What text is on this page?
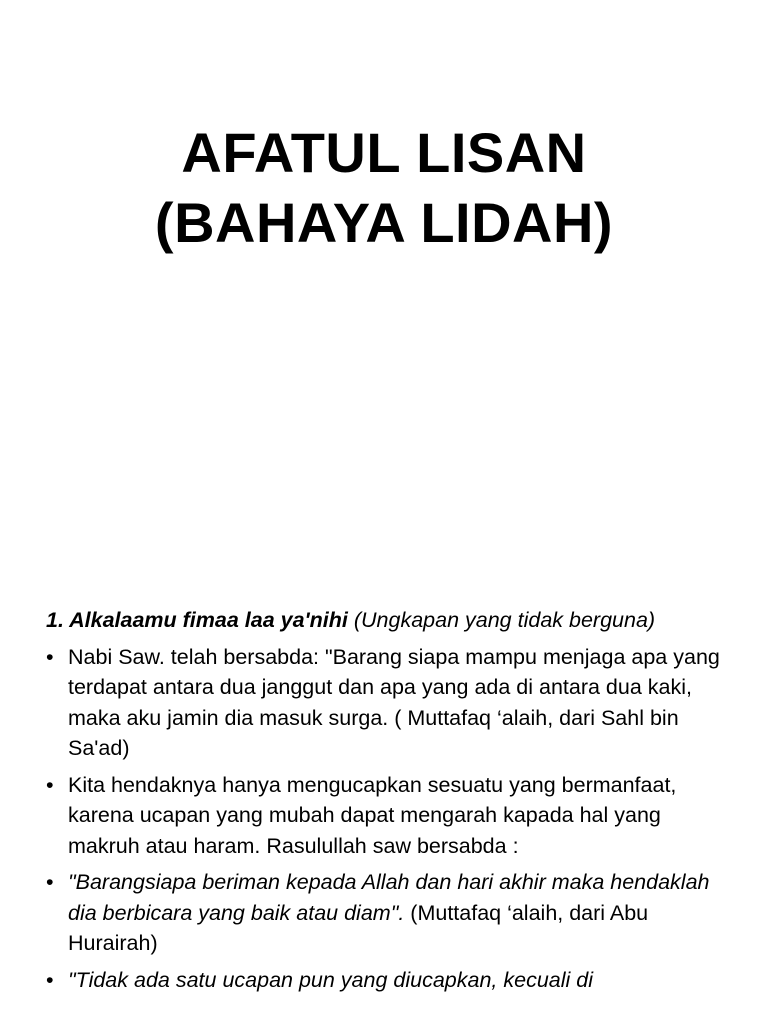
AFATUL LISAN
(BAHAYA LIDAH)
1. Alkalaamu fimaa laa ya'nihi (Ungkapan yang tidak berguna)
• Nabi Saw. telah bersabda: "Barang siapa mampu menjaga apa yang terdapat antara dua janggut dan apa yang ada di antara dua kaki, maka aku jamin dia masuk surga. ( Muttafaq ‘alaih, dari Sahl bin Sa'ad)
• Kita hendaknya hanya mengucapkan sesuatu yang bermanfaat, karena ucapan yang mubah dapat mengarah kapada hal yang makruh atau haram. Rasulullah saw bersabda :
• "Barangsiapa beriman kepada Allah dan hari akhir maka hendaklah dia berbicara yang baik atau diam". (Muttafaq ‘alaih, dari Abu Hurairah)
• "Tidak ada satu ucapan pun yang diucapkan, kecuali di
